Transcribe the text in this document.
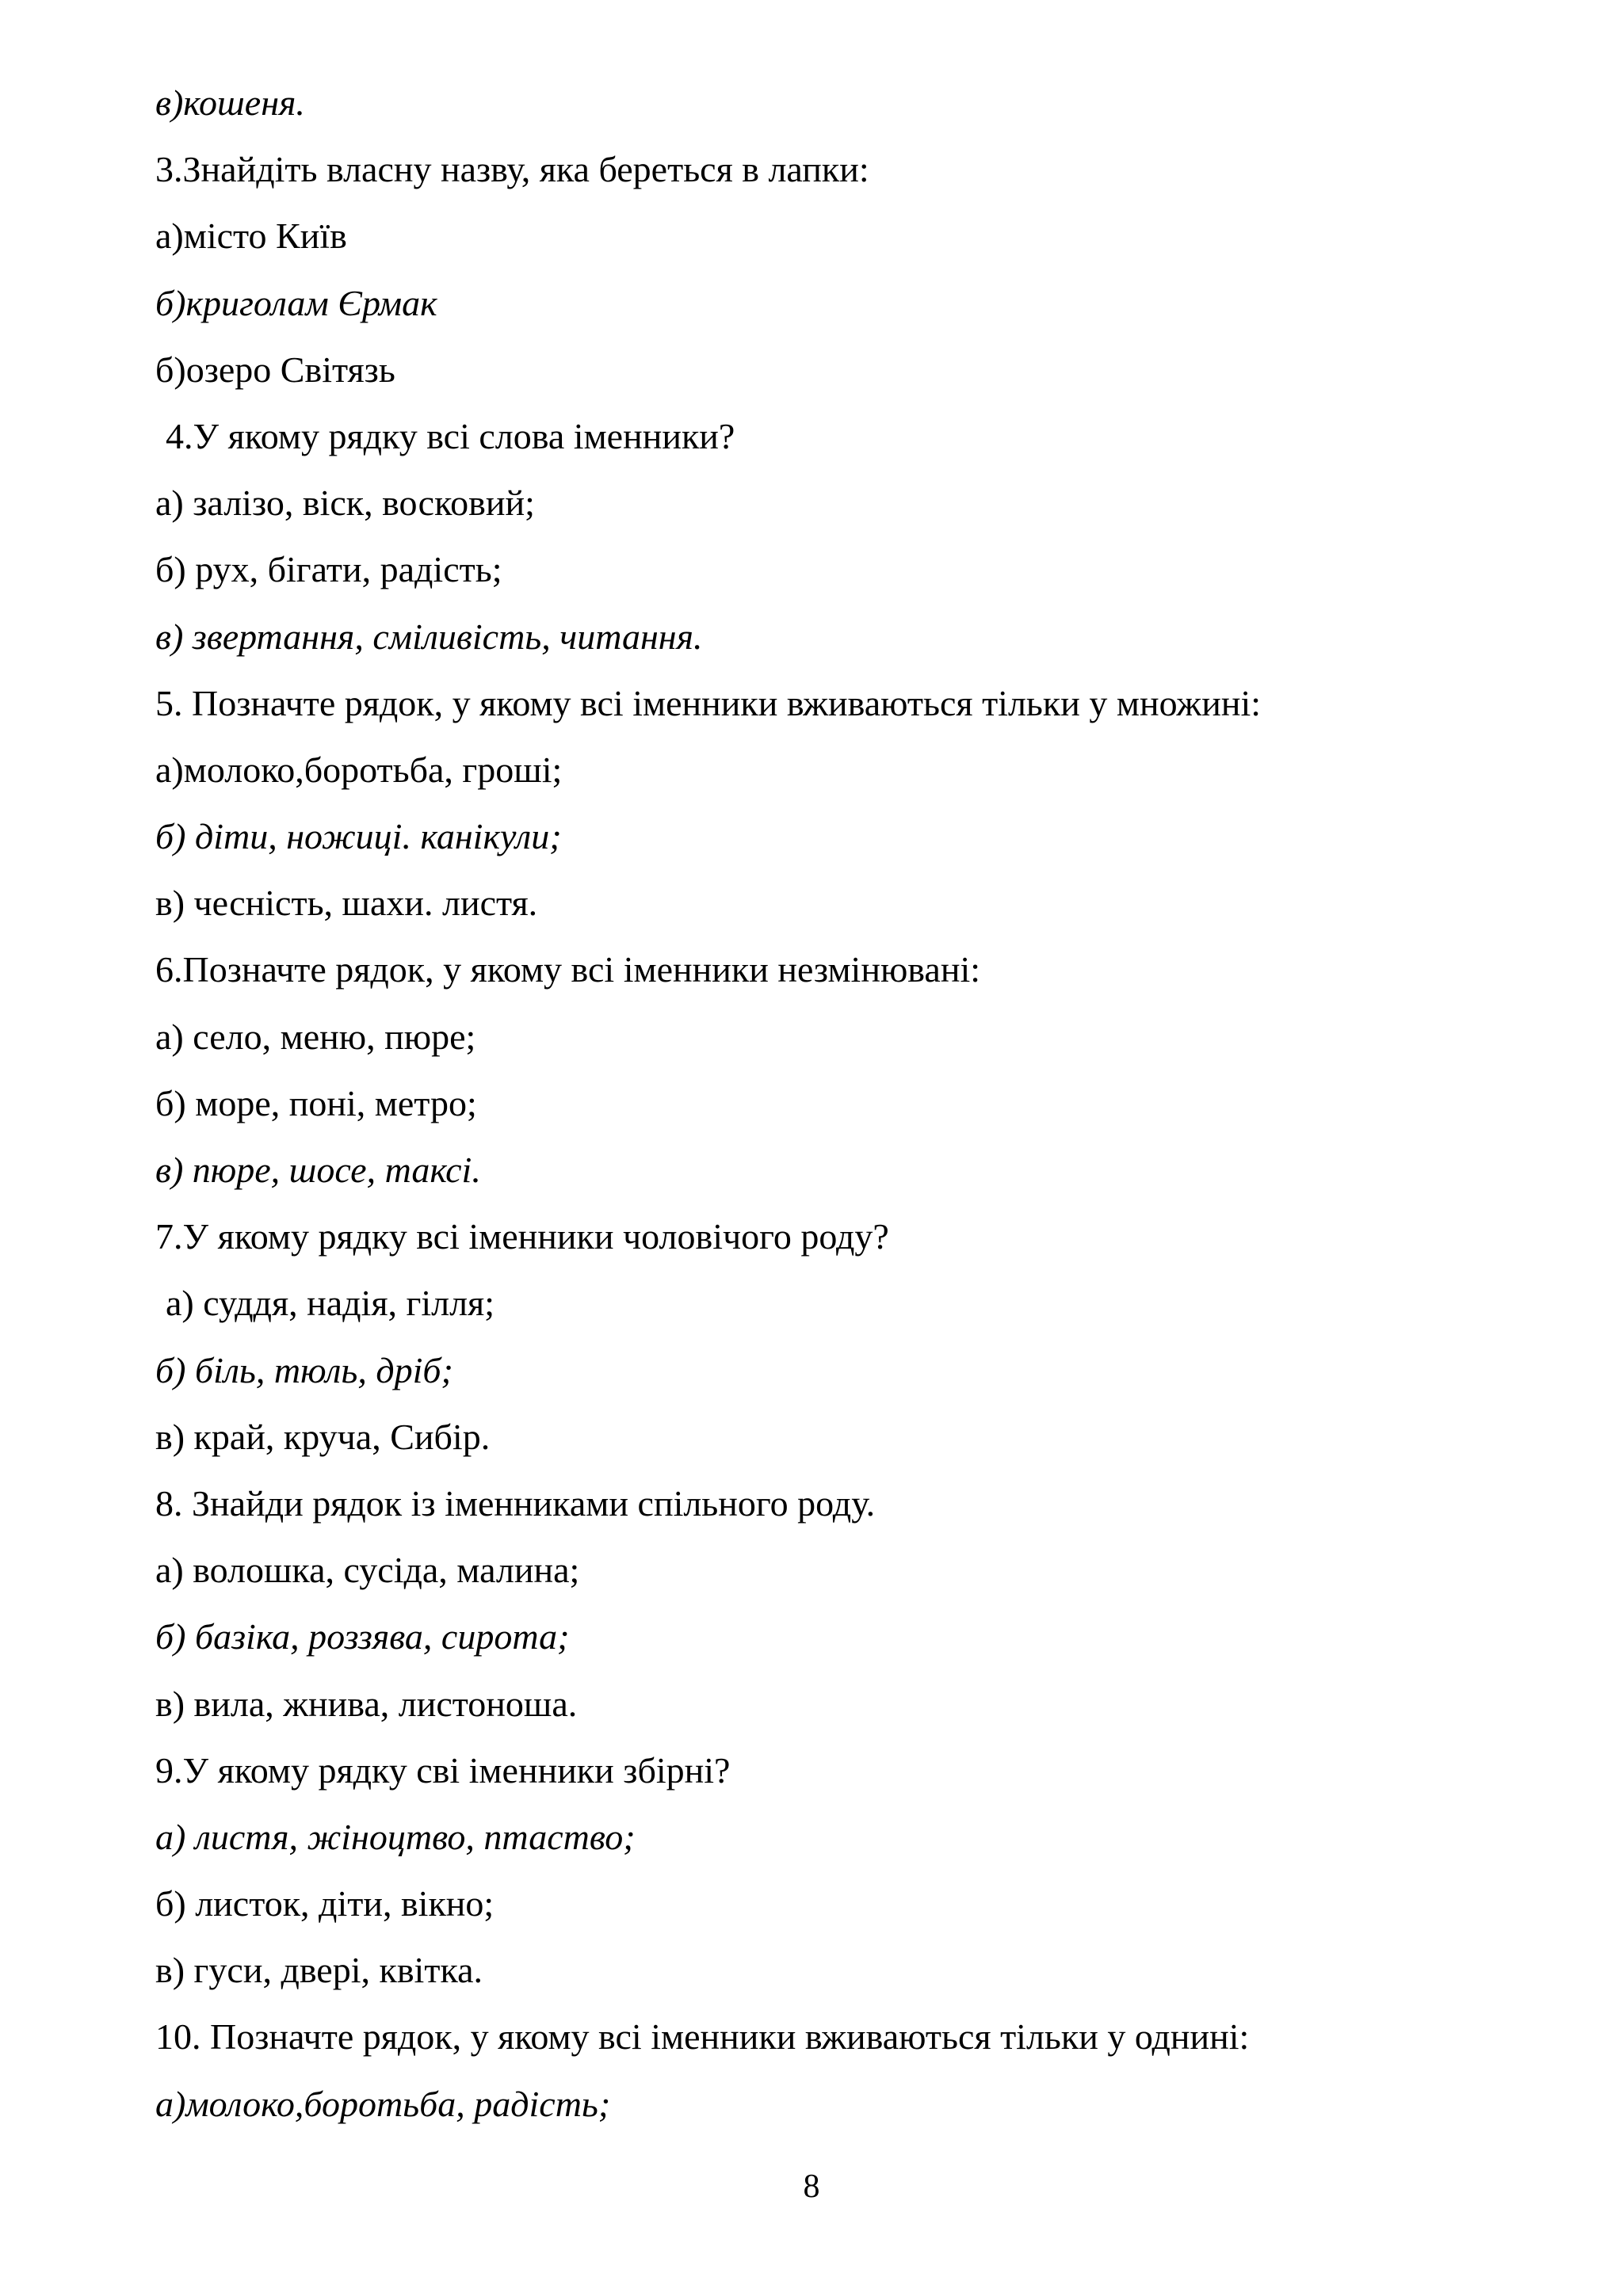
в)кошеня.
3.Знайдіть власну назву, яка береться в лапки:
а)місто Київ
б)криголам Єрмак
б)озеро Світязь
4.У якому рядку всі слова іменники?
а) залізо, віск, восковий;
б) рух, бігати, радість;
в) звертання, сміливість, читання.
5. Позначте рядок, у якому всі іменники вживаються тільки у множині:
а)молоко,боротьба, гроші;
б) діти, ножиці. канікули;
в) чесність, шахи. листя.
6.Позначте рядок, у якому всі іменники незмінювані:
а) село, меню, пюре;
б) море, поні, метро;
в) пюре, шосе, таксі.
7.У якому рядку всі іменники чоловічого роду?
а) суддя, надія, гілля;
б) біль, тюль, дріб;
в) край, круча, Сибір.
8. Знайди рядок із іменниками спільного роду.
а) волошка, сусіда, малина;
б) базіка, роззява, сирота;
в) вила, жнива, листоноша.
9.У якому рядку сві іменники збірні?
а) листя, жіноцтво, птаство;
б) листок, діти, вікно;
в) гуси, двері, квітка.
10. Позначте рядок, у якому всі іменники вживаються тільки у однині:
а)молоко,боротьба, радість;
8
